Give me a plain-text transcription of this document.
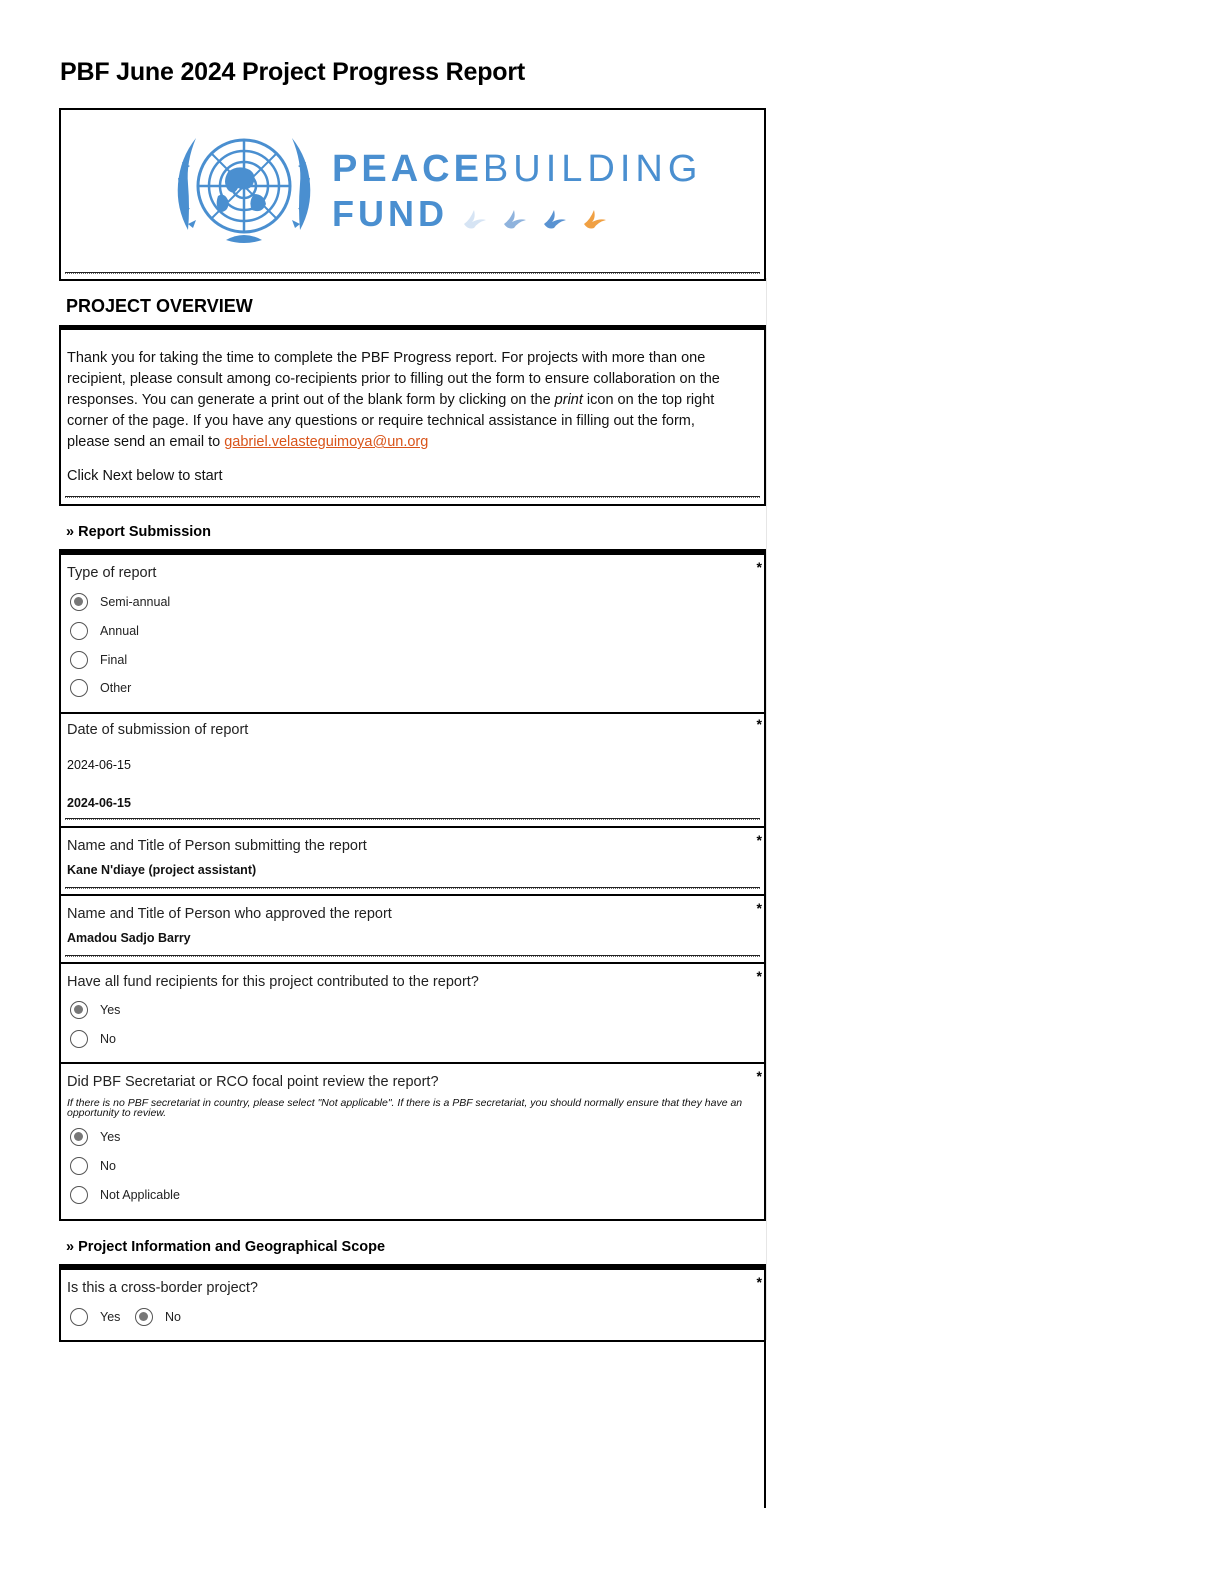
PBF June 2024 Project Progress Report
PEACEBUILDING
FUND
PROJECT OVERVIEW
Thank you for taking the time to complete the PBF Progress report. For projects with more than one recipient, please consult among co-recipients prior to filling out the form to ensure collaboration on the responses. You can generate a print out of the blank form by clicking on the print icon on the top right corner of the page. If you have any questions or require technical assistance in filling out the form, please send an email to gabriel.velasteguimoya@un.org
Click Next below to start
» Report Submission
*
Type of report
Semi-annual
Annual
Final
Other
*
Date of submission of report
2024-06-15
2024-06-15
*
Name and Title of Person submitting the report
Kane N'diaye (project assistant)
*
Name and Title of Person who approved the report
Amadou Sadjo Barry
*
Have all fund recipients for this project contributed to the report?
Yes
No
*
Did PBF Secretariat or RCO focal point review the report?
If there is no PBF secretariat in country, please select "Not applicable". If there is a PBF secretariat, you should normally ensure that they have an opportunity to review.
Yes
No
Not Applicable
» Project Information and Geographical Scope
*
Is this a cross-border project?
Yes	No
